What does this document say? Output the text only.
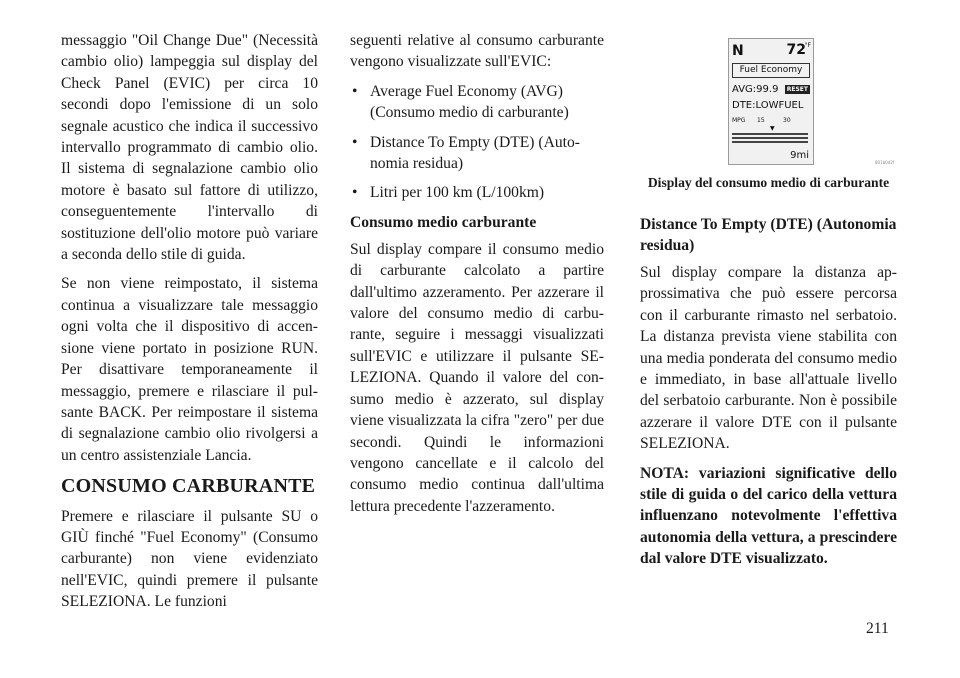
messaggio "Oil Change Due" (Necessità cambio olio) lampeggia sul display del Check Panel (EVIC) per circa 10 secondi dopo l'emissione di un solo segnale acustico che indica il successivo intervallo programmato di cambio olio. Il sistema di segnalazione cambio olio motore è basato sul fattore di utilizzo, conseguentemente l'intervallo di sostituzione dell'olio motore può variare a seconda dello stile di guida.

Se non viene reimpostato, il sistema continua a visualizzare tale messaggio ogni volta che il dispositivo di accensione viene portato in posizione RUN. Per disattivare temporaneamente il messaggio, premere e rilasciare il pulsante BACK. Per reimpostare il sistema di segnalazione cambio olio rivolgersi a un centro assistenziale Lancia.

CONSUMO CARBURANTE

Premere e rilasciare il pulsante SU o GIÙ finché "Fuel Economy" (Consumo carburante) non viene evidenziato nell'EVIC, quindi premere il pulsante SELEZIONA. Le funzioni

seguenti relative al consumo carburante vengono visualizzate sull'EVIC:

• Average Fuel Economy (AVG) (Consumo medio di carburante)
• Distance To Empty (DTE) (Autonomia residua)
• Litri per 100 km (L/100km)
Consumo medio carburante

Sul display compare il consumo medio di carburante calcolato a partire dall'ultimo azzeramento. Per azzerare il valore del consumo medio di carburante, seguire i messaggi visualizzati sull'EVIC e utilizzare il pulsante SELEZIONA. Quando il valore del consumo medio è azzerato, sul display viene visualizzata la cifra "zero" per due secondi. Quindi le informazioni vengono cancellate e il calcolo del consumo medio continua dall'ultima lettura precedente l'azzeramento.

N	72
°F
Fuel Economy
AVG:99.9	RESET
DTE:LOWFUEL
MPG 15	30
▼
9mi
801b0d2f
Display del consumo medio di carburante
Distance To Empty (DTE) (Autonomia residua)

Sul display compare la distanza approssimativa che può essere percorsa con il carburante rimasto nel serbatoio. La distanza prevista viene stabilita con una media ponderata del consumo medio e immediato, in base all'attuale livello del serbatoio carburante. Non è possibile azzerare il valore DTE con il pulsante SELEZIONA.

NOTA: variazioni significative dello stile di guida o del carico della vettura influenzano notevolmente l'effettiva autonomia della vettura, a prescindere dal valore DTE visualizzato.

211
